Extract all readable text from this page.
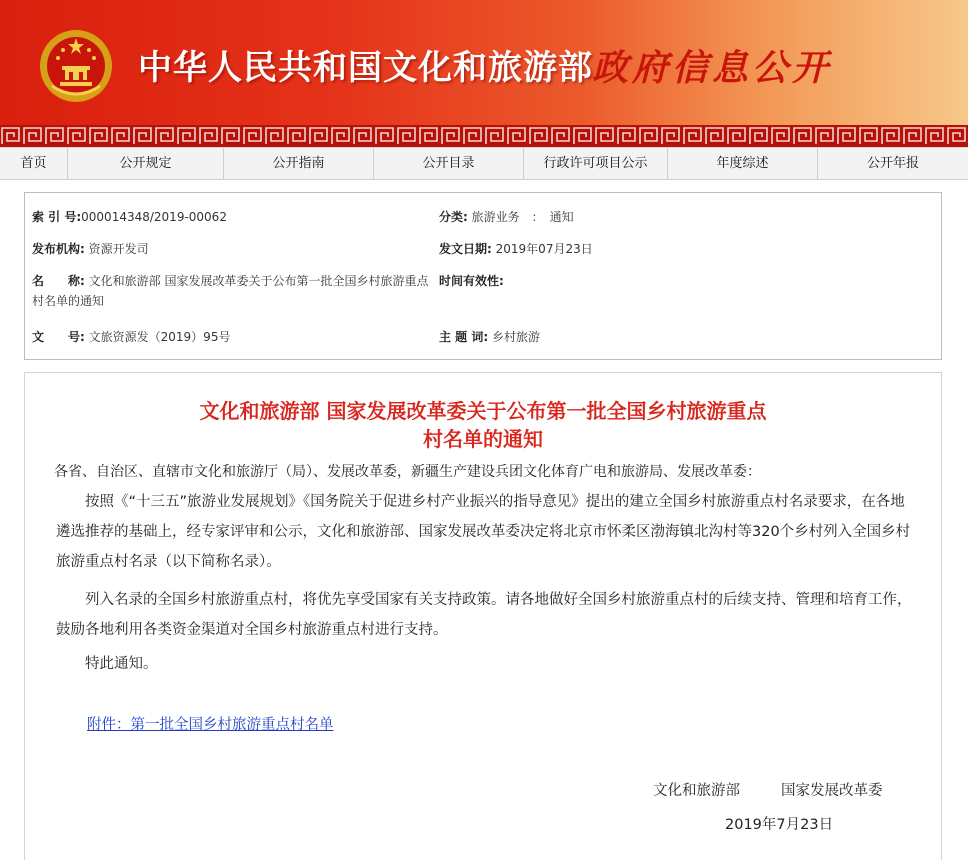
中华人民共和国文化和旅游部 政府信息公开
首页	公开规定	公开指南	公开目录	行政许可项目公示	年度综述	公开年报
索 引 号:000014348/2019-00062	分类: 旅游业务　：　通知
发布机构: 资源开发司	发文日期: 2019年07月23日
名　　称: 文化和旅游部 国家发展改革委关于公布第一批全国乡村旅游重点
村名单的通知
时间有效性:
文　　号: 文旅资源发（2019）95号	主 题 词: 乡村旅游
文化和旅游部 国家发展改革委关于公布第一批全国乡村旅游重点
村名单的通知
各省、自治区、直辖市文化和旅游厅（局）、发展改革委，新疆生产建设兵团文化体育广电和旅游局、发展改革委：
按照《“十三五”旅游业发展规划》《国务院关于促进乡村产业振兴的指导意见》提出的建立全国乡村旅游重点村名录要求，在各地遴选推荐的基础上，经专家评审和公示，文化和旅游部、国家发展改革委决定将北京市怀柔区渤海镇北沟村等320个乡村列入全国乡村旅游重点村名录（以下简称名录）。
列入名录的全国乡村旅游重点村，将优先享受国家有关支持政策。请各地做好全国乡村旅游重点村的后续支持、管理和培育工作，鼓励各地利用各类资金渠道对全国乡村旅游重点村进行支持。
特此通知。
附件：第一批全国乡村旅游重点村名单
文化和旅游部	国家发展改革委
2019年7月23日
